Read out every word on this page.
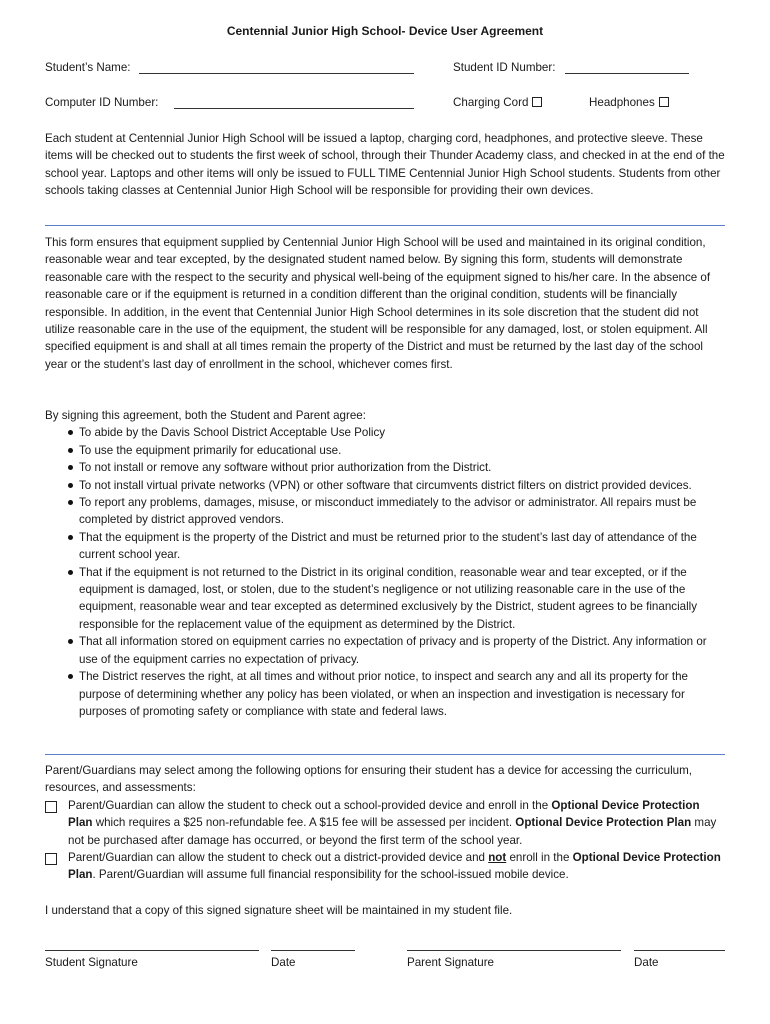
Centennial Junior High School- Device User Agreement
Student’s Name:	Student ID Number:
Computer ID Number:	Charging Cord	Headphones

Each student at Centennial Junior High School will be issued a laptop, charging cord, headphones, and protective sleeve. These items will be checked out to students the first week of school, through their Thunder Academy class, and checked in at the end of the school year. Laptops and other items will only be issued to FULL TIME Centennial Junior High School students. Students from other schools taking classes at Centennial Junior High School will be responsible for providing their own devices.

This form ensures that equipment supplied by Centennial Junior High School will be used and maintained in its original condition, reasonable wear and tear excepted, by the designated student named below. By signing this form, students will demonstrate reasonable care with the respect to the security and physical well-being of the equipment signed to his/her care. In the absence of reasonable care or if the equipment is returned in a condition different than the original condition, students will be financially responsible. In addition, in the event that Centennial Junior High School determines in its sole discretion that the student did not utilize reasonable care in the use of the equipment, the student will be responsible for any damaged, lost, or stolen equipment. All specified equipment is and shall at all times remain the property of the District and must be returned by the last day of the school year or the student’s last day of enrollment in the school, whichever comes first.

By signing this agreement, both the Student and Parent agree:

To abide by the Davis School District Acceptable Use Policy
To use the equipment primarily for educational use.
To not install or remove any software without prior authorization from the District.
To not install virtual private networks (VPN) or other software that circumvents district filters on district provided devices.
To report any problems, damages, misuse, or misconduct immediately to the advisor or administrator. All repairs must be completed by district approved vendors.
That the equipment is the property of the District and must be returned prior to the student’s last day of attendance of the current school year.
That if the equipment is not returned to the District in its original condition, reasonable wear and tear excepted, or if the equipment is damaged, lost, or stolen, due to the student’s negligence or not utilizing reasonable care in the use of the equipment, reasonable wear and tear excepted as determined exclusively by the District, student agrees to be financially responsible for the replacement value of the equipment as determined by the District.
That all information stored on equipment carries no expectation of privacy and is property of the District. Any information or use of the equipment carries no expectation of privacy.
The District reserves the right, at all times and without prior notice, to inspect and search any and all its property for the purpose of determining whether any policy has been violated, or when an inspection and investigation is necessary for purposes of promoting safety or compliance with state and federal laws.

Parent/Guardians may select among the following options for ensuring their student has a device for accessing the curriculum, resources, and assessments:

Parent/Guardian can allow the student to check out a school-provided device and enroll in the Optional Device Protection Plan which requires a $25 non-refundable fee. A $15 fee will be assessed per incident. Optional Device Protection Plan may not be purchased after damage has occurred, or beyond the first term of the school year.
Parent/Guardian can allow the student to check out a district-provided device and not enroll in the Optional Device Protection Plan. Parent/Guardian will assume full financial responsibility for the school-issued mobile device.

I understand that a copy of this signed signature sheet will be maintained in my student file.

Student Signature	Date	Parent Signature	Date
